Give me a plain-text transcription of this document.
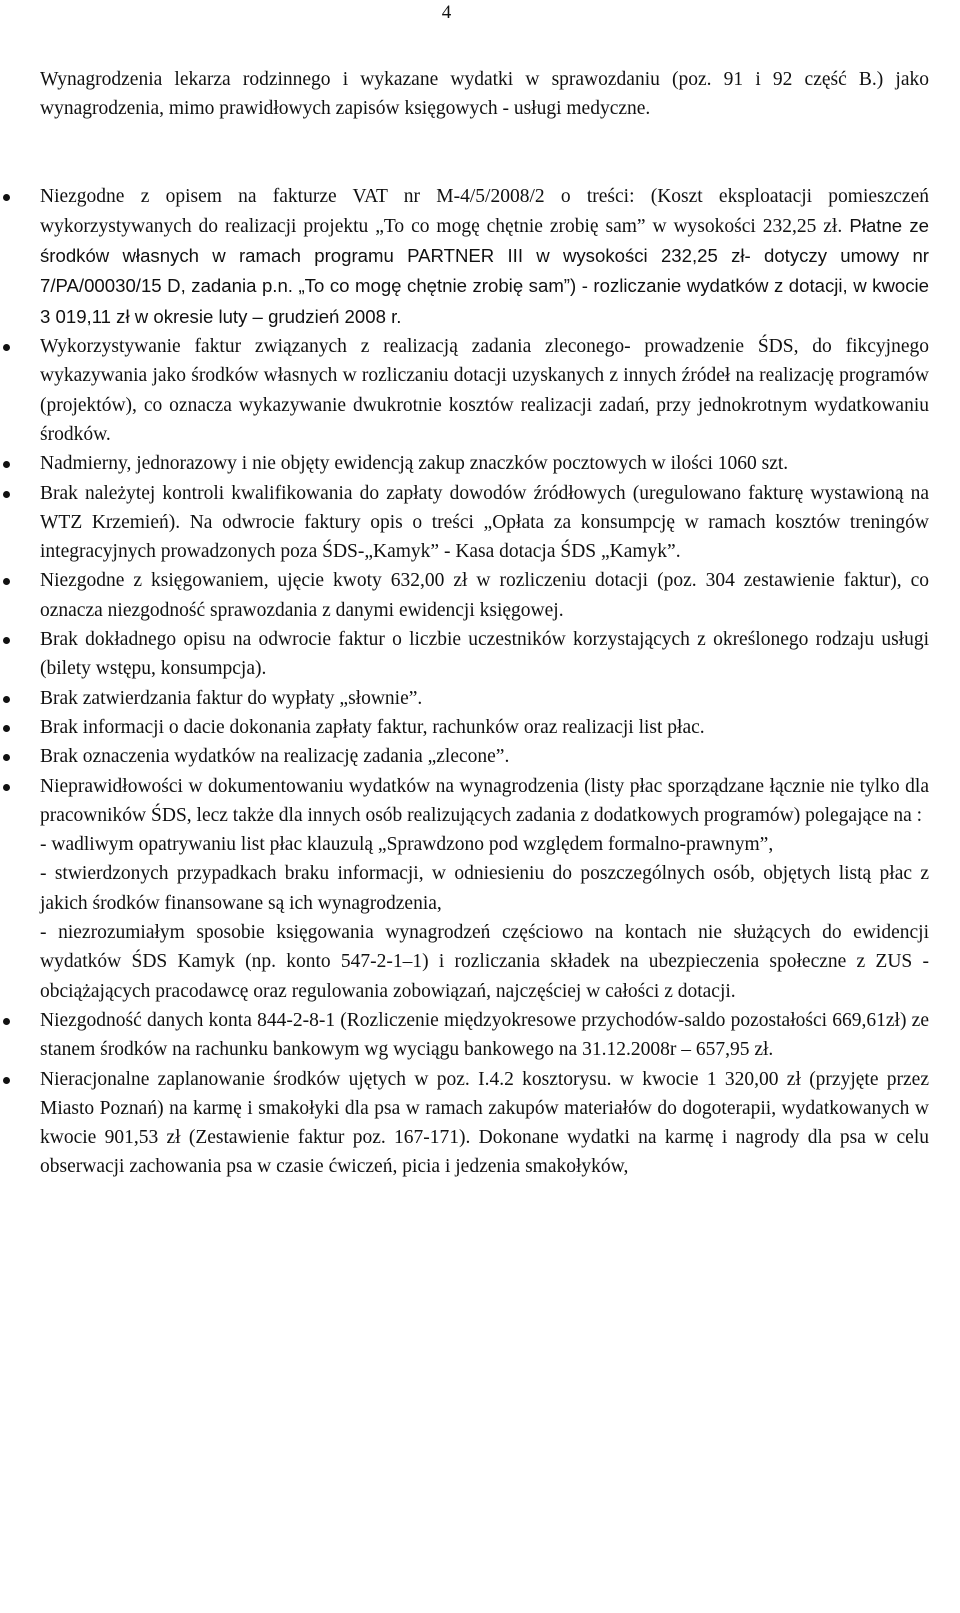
4

Wynagrodzenia lekarza rodzinnego i wykazane wydatki w sprawozdaniu (poz. 91 i 92 część B.) jako wynagrodzenia, mimo prawidłowych zapisów księgowych - usługi medyczne.

Niezgodne z opisem na fakturze VAT nr M-4/5/2008/2 o treści: (Koszt eksploatacji pomieszczeń wykorzystywanych do realizacji projektu „To co mogę chętnie zrobię sam” w wysokości 232,25 zł. Płatne ze środków własnych w ramach programu PARTNER III w wysokości 232,25 zł- dotyczy umowy nr 7/PA/00030/15 D, zadania p.n. „To co mogę chętnie zrobię sam”) - rozliczanie wydatków z dotacji, w kwocie 3 019,11 zł w okresie luty – grudzień 2008 r.
Wykorzystywanie faktur związanych z realizacją zadania zleconego- prowadzenie ŚDS, do fikcyjnego wykazywania jako środków własnych w rozliczaniu dotacji uzyskanych z innych źródeł na realizację programów (projektów), co oznacza wykazywanie dwukrotnie kosztów realizacji zadań, przy jednokrotnym wydatkowaniu środków.
Nadmierny, jednorazowy i nie objęty ewidencją zakup znaczków pocztowych w ilości 1060 szt.
Brak należytej kontroli kwalifikowania do zapłaty dowodów źródłowych (uregulowano fakturę wystawioną na WTZ Krzemień). Na odwrocie faktury opis o treści „Opłata za konsumpcję w ramach kosztów treningów integracyjnych prowadzonych poza ŚDS-„Kamyk” - Kasa dotacja ŚDS „Kamyk”.
Niezgodne z księgowaniem, ujęcie kwoty 632,00 zł w rozliczeniu dotacji (poz. 304 zestawienie faktur), co oznacza niezgodność sprawozdania z danymi ewidencji księgowej.
Brak dokładnego opisu na odwrocie faktur o liczbie uczestników korzystających z określonego rodzaju usługi (bilety wstępu, konsumpcja).
Brak zatwierdzania faktur do wypłaty „słownie”.
Brak informacji o dacie dokonania zapłaty faktur, rachunków oraz realizacji list płac.
Brak oznaczenia wydatków na realizację zadania „zlecone”.
Nieprawidłowości w dokumentowaniu wydatków na wynagrodzenia (listy płac sporządzane łącznie nie tylko dla pracowników ŚDS, lecz także dla innych osób realizujących zadania z dodatkowych programów) polegające na :
- wadliwym opatrywaniu list płac klauzulą „Sprawdzono pod względem formalno-prawnym”,
- stwierdzonych przypadkach braku informacji, w odniesieniu do poszczególnych osób, objętych listą płac z jakich środków finansowane są ich wynagrodzenia,
- niezrozumiałym sposobie księgowania wynagrodzeń częściowo na kontach nie służących do ewidencji wydatków ŚDS Kamyk (np. konto 547-2-1–1) i rozliczania składek na ubezpieczenia społeczne z ZUS - obciążających pracodawcę oraz regulowania zobowiązań, najczęściej w całości z dotacji.
Niezgodność danych konta 844-2-8-1 (Rozliczenie międzyokresowe przychodów-saldo pozostałości 669,61zł) ze stanem środków na rachunku bankowym wg wyciągu bankowego na 31.12.2008r – 657,95 zł.
Nieracjonalne zaplanowanie środków ujętych w poz. I.4.2 kosztorysu. w kwocie 1 320,00 zł (przyjęte przez Miasto Poznań) na karmę i smakołyki dla psa w ramach zakupów materiałów do dogoterapii, wydatkowanych w kwocie 901,53 zł (Zestawienie faktur poz. 167-171). Dokonane wydatki na karmę i nagrody dla psa w celu obserwacji zachowania psa w czasie ćwiczeń, picia i jedzenia smakołyków,
